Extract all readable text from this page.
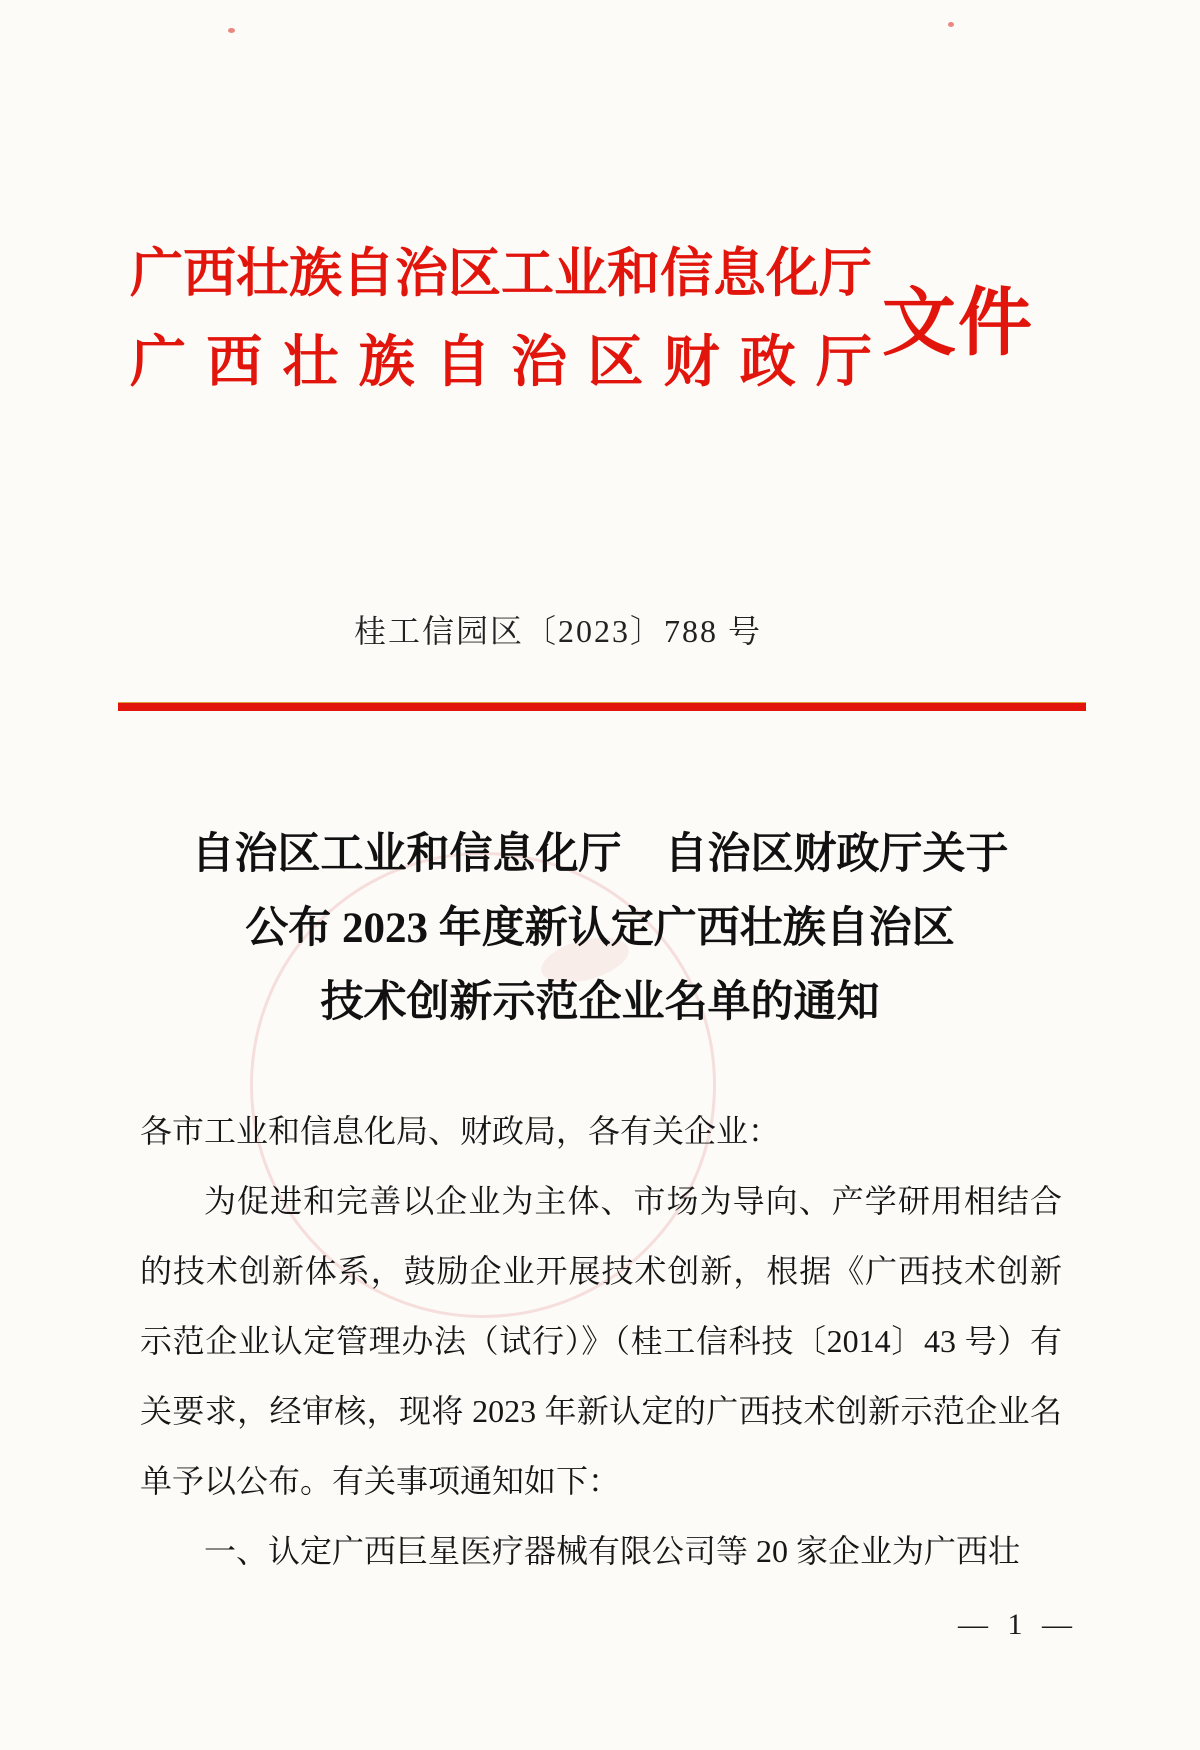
广西壮族自治区工业和信息化厅
广西壮族自治区财政厅 文件
桂工信园区〔2023〕788 号
自治区工业和信息化厅　自治区财政厅关于
公布 2023 年度新认定广西壮族自治区
技术创新示范企业名单的通知

各市工业和信息化局、财政局，各有关企业：

为促进和完善以企业为主体、市场为导向、产学研用相结合

的技术创新体系，鼓励企业开展技术创新，根据《广西技术创新

示范企业认定管理办法（试行）》（桂工信科技〔2014〕43 号）有

关要求，经审核，现将 2023 年新认定的广西技术创新示范企业名

单予以公布。有关事项通知如下：

一、认定广西巨星医疗器械有限公司等 20 家企业为广西壮

— 1 —
